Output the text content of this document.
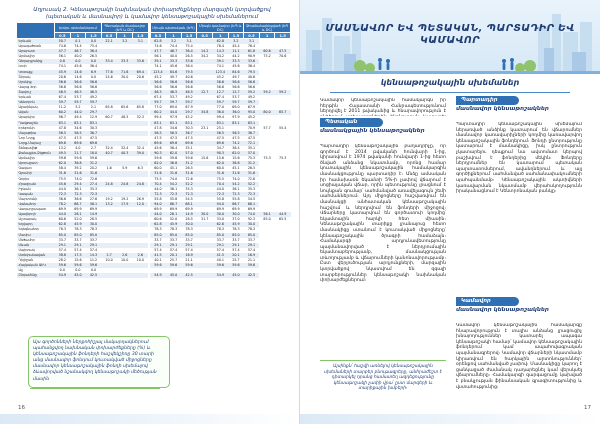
Աղյուսակ 2. Կենսաթոշակի նախնական փոխարժեքները մարզային կտրվածքով (պետական և մասնավոր) և կամավոր կենսաթոշակային սխեմաներում
	Երկու սխեմաներում			Պետական մասնավոր (ԵՊ և DC)				Միայն պետական (ԵՊ)			Միայն կամավոր (ԵՊ և DC)			Չհամաձայնեցված (ԵՊ և DC)		
	0.5	1	1.5	0.5	1	1.5		0.5	1	1.5	0.5	1	1.5	0.5	1	1.5
Երևան	50.7	0.1	0.0	22.1	3.2	3.1		62.8	3.2	3.1		62.8	3.2	3.1		
Արագածոտն	74.6	74.4	75.4					74.6	74.4	75.4		76.4	45.4	76.4		
Արարատ	47.7	46.7	36.4					47.7	46.7	36.4	14.2	14.3	11.1	61.8	60.6	47.5
Արմավիր	56.1	40.0	26.5					56.1	40.0	26.5	34.2	34.2	44.2	90.9	75.2	70.6
Գեղարքունիք	0.8	0.0	0.0	33.4	33.3	33.6		39.1	33.3	33.6		39.1	33.3	33.6		
Լոռի	74.1	45.6	36.4					74.1	45.6	36.4		74.1	45.6	36.4		
Կոտայք	45.9	14.6	6.9	77.6	71.6	69.4		123.4	84.6	79.5		123.4	84.6	79.5		
Շիրակ	20.6	14.6	0.0	24.6	30.0	20.6		45.2	49.7	40.6		45.2	49.7	40.6		
Սյունիք	56.6	56.6	56.6					56.6	56.6	56.6		56.6	56.6	56.6		
Վայոց ձոր	56.6	56.6	56.6					56.6	56.6	56.6		56.6	56.6	56.6		
Տավուշ	46.5	46.5	46.5					46.5	46.5	46.5	12.7	12.7	12.7	59.2	59.2	59.2
Երևան	67.4	53.7	49.2					67.4	53.7	49.2		67.4	53.7	49.2		
Կենտրոն	59.7	59.7	59.7					59.7	59.7	59.7		59.7	59.7	59.7		
Աջափնյակ	11.2	3.2	2.1	65.8	65.6	65.8		77.0	69.0	67.9		77.0	69.0	67.9		
Ավան	60.2	44.0	29.7					60.2	44.0	29.7	34.8	36.0	36.0	95.0	80.0	65.7
Արաբկիր	96.7	49.4	12.9	60.7	48.5	32.3		99.4	97.9	45.2		99.4	97.9	45.2		
Դավթաշեն	83.1	83.1	83.1					83.1	83.1	83.1		83.1	83.1	83.1		
Էրեբունի	47.8	34.6	30.3					47.8	34.6	30.3	23.1	25.1		70.9	57.7	55.4
Մալաթիա	56.5	56.5	36.7					56.5	56.5	36.7		56.5	56.5	36.7		
Նոր Նորք	47.5	47.5	47.5					47.5	47.5	47.5		47.5	47.5	47.5		
Նորք-Մարաշ	69.6	69.6	69.6					69.6	69.6	69.6		69.6	74.2	72.1		
Շենգավիթ	13.2	4.0	2.7	32.4	32.4	32.4		45.6	36.4	35.1		34.7	36.4	35.1		
Քանաքեռ-Զեյթուն	49.5	21.7	18.0	40.7	40.3	39.0		90.3	62.0	57.0		90.3	62.0	57.0		
Արմավիր	59.6	59.6	59.6					59.6	59.6	59.6	15.6	15.6	15.6	75.3	75.3	75.3
Արտաշատ	62.0	36.8	31.2					62.0	36.8	31.2		62.0	36.8	31.2		
Գավառ	58.4	39.2	20.2	1.6	5.9	6.3		60.0	45.1	26.5		60.0	45.1	26.5		
Գյումրի	31.6	31.6	31.6					31.6	31.6	31.6		31.6	31.6	31.6		
Գորիս	75.5	74.0	72.6					75.5	74.0	72.6		75.5	74.0	72.6		
Հրազդան	45.6	29.4	27.4	24.8	24.8	24.8		70.4	54.2	52.2		70.4	54.2	52.2		
Իջևան	44.0	36.1	35.3					44.0	36.1	35.3		44.0	36.1	35.3		
Կապան	72.3	72.3	72.3					72.3	72.3	72.3		72.3	72.3	72.3		
Մարտունի	36.6	36.6	27.6	19.2	19.2	26.9		55.8	55.8	54.5		55.8	55.8	54.5		
Վանաձոր	78.2	68.7	56.1	13.2	17.9	12.0		94.0	86.7	68.1		94.0	86.7	68.1		
Վաղարշապատ	69.9	69.9	69.9					69.9	69.9	69.9		69.9	69.9	69.9		
Ալավերդի	44.0	26.1	14.9					44.0	26.1	14.9	30.0	30.0	30.0	74.0	56.1	44.9
Աշտարակ	60.6	52.0	28.5					60.6	52.0	28.5	31.7	33.0	37.0	92.3	85.0	65.5
Եղվարդ	62.8	45.9	30.0					62.8	45.9	30.0		62.8	45.9	30.0		
Եղեգնաձոր	78.3	78.3	78.3					78.3	78.3	78.3		78.3	78.3	78.3		
Մասիս	85.0	85.0	85.0					85.0	85.0	85.0		85.0	85.0	85.0		
Մեծամոր	33.7	33.7	33.7					33.7	33.7	33.7		33.7	33.7	33.7		
Սևան	29.1	29.1	29.1					29.1	29.1	29.1		29.1	29.1	29.1		
Սպիտակ	57.4	57.4	57.4					57.4	57.4	57.4		57.4	57.4	57.4		
Ստեփանավան	38.8	17.5	14.3	2.7	2.6	2.6		41.5	20.1	16.9		41.5	20.1	16.9		
Դիլիջան	28.2	15.6	11.2	10.0	10.0	10.0		40.1	25.7	21.1		40.1	25.7	21.1		
Հայկական ԱԷԿ	59.6	59.6	59.6					59.6	59.6	59.6		59.6	59.6	59.6		
Այլ	0.0	0.0	0.0													
Ընդամենը	54.9	45.0	42.5					54.9	45.0	42.5		54.9	45.0	42.5		
Այս գործոնների ներքոհիշյալ մակարդակներում պահանջվող նախնական փոխարժեքները (%) և կենսաթոշակային ֆոնդերի հաշվեկշիռը 30 տարի անց մասնավոր ֆոնդում կուտակված միջոցները մասնավոր կենսաթոշակային ֆոնդի սխեմայով ձևավորված նշանակվող կենսաթոշակի մեծության մասին
16
ՄԱՍՆԱՎՈՐ ԵՎ ՊԵՏԱԿԱՆ, ՊԱՐՏԱԴԻՐ ԵՎ ԿԱՄԱՎՈՐ
կենսաթոշակային սխեմաներ
Կամավոր կենսաթոշակային համակարգն իր հերթին Հայաստանի Հանրապետությունում ներդրվել է 2011 թվականից և հնարավորություն է
Պետական
մասնակցային կենսաթոշակներ
Պարտադիր կենսաթոշակային բաղադրիչը, որ գործում է 2014 թվականի հունվարի 1-ից, կիրառվում է 1974 թվականի հունվարի 1-ից հետո ծնված անձանց նկատմամբ, որոնց համար կուտակային կենսաթոշակային համակարգին մասնակցությունը պարտադիր է։ Անձը ամսական իր համախառն եկամտի 5%-ի չափով վճարում է սոցիալական վճար, որին պետությունը լրացնում է նույնքան գումար՝ սահմանված առավելագույն շեմի սահմաններում։ Այդ միջոցները հաշվառվում են մասնակցի անհատական կենսաթոշակային հաշվում և ներդրվում են ֆոնդերի միջոցով։ Վճարները կատարվում են գործատուի կողմից՝ եկամտային հարկի հետ միասին։ Կենսաթոշակային տարիքը լրանալուց հետո մասնակիցը ստանում է կուտակված միջոցները՝ կենսաթոշակային ծրագրի համաձայն։ Համակարգի արդյունավետությունը պայմանավորված է ներդրումային եկամտաբերությամբ, մասնակցության տևողությամբ և վճարումների կանոնավորությամբ։ Ըստ վերլուծության արդյունքների, մարզային կտրվածքով նկատվում են զգալի տարբերություններ կենսաթոշակի նախնական փոխարժեքներում։
Պարտադիր
մասնավոր կենսաթոշակներ
Պարտադիր կենսաթոշակային սխեմայում ներառված անձինք կատարում են վճարումներ մասնավոր կառավարիչների կողմից կառավարվող կենսաթոշակային ֆոնդերում։ Ֆոնդի ընտրությունը կատարում է մասնակիցը, իսկ ընտրություն չկատարելու դեպքում նա ավտոմատ կերպով բաշխվում է ֆոնդերից մեկին։ Ֆոնդերը ներդրումներ են կատարում պետական պարտատոմսերում, ավանդներում և այլ գործիքներում՝ սահմանված սահմանափակումների պահպանմամբ։ Կենսաթոշակային ակտիվների կառավարման նկատմամբ վերահսկողությունն իրականացնում է Կենտրոնական բանկը։
Կամավոր
մասնավոր կենսաթոշակներ
Կամավոր կենսաթոշակային համակարգը հնարավորություն է տալիս անձանց լրացուցիչ խնայողություններ կատարել ապագա կենսաթոշակի համար՝ կամավոր կենսաթոշակային ֆոնդերում կամ ապահովագրական պայմանագրերով։ Կամավոր վճարների նկատմամբ կիրառվում են հարկային արտոնություններ՝ օրենքով սահմանված չափով։ Մասնակիցը կարող է ցանկացած ժամանակ դադարեցնել կամ վերսկսել վճարումները։ Համակարգի զարգացումը կախված է բնակչության ֆինանսական գրագիտությունից և վստահությունից։
Այսինքն՝ հաշվի առնելով կենսաթոշակային սխեմաների տարբեր բնութագրերը, անհրաժեշտ է դիտարկել դրանց համատեղ ազդեցությունը կենսաթոշակի չափի վրա՝ ըստ մարզերի և տարիքային խմբերի։
17
